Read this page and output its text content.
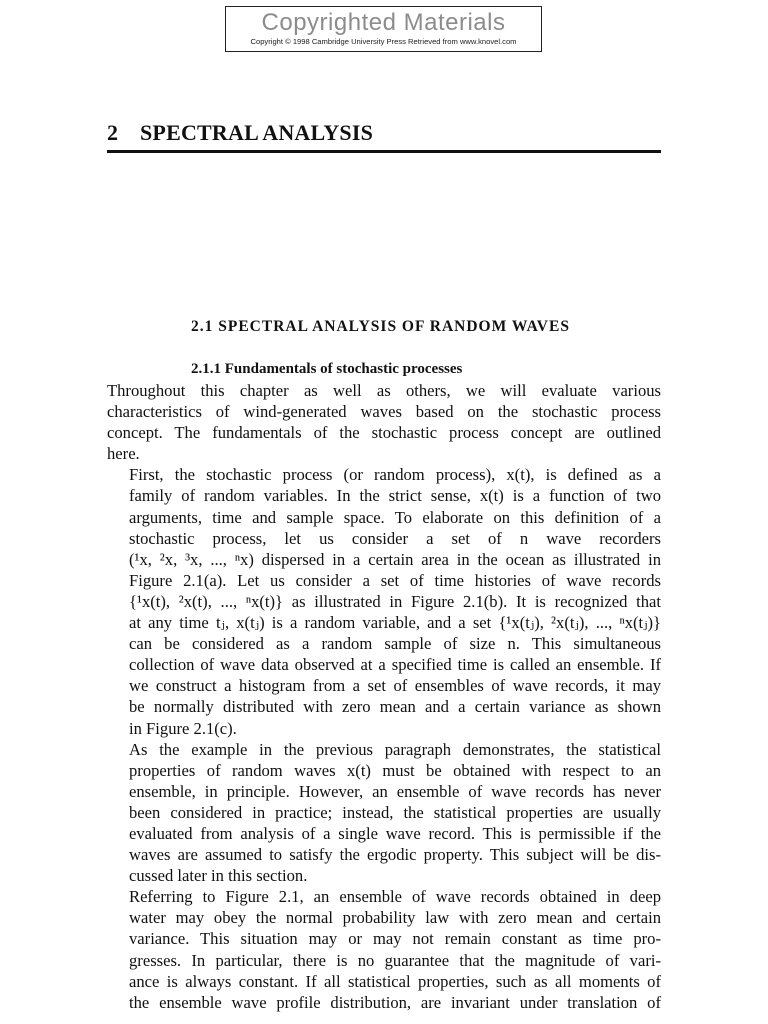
Copyrighted Materials
Copyright © 1998 Cambridge University Press Retrieved from www.knovel.com
2 SPECTRAL ANALYSIS
2.1 SPECTRAL ANALYSIS OF RANDOM WAVES
2.1.1 Fundamentals of stochastic processes

Throughout this chapter as well as others, we will evaluate various
characteristics of wind-generated waves based on the stochastic process
concept. The fundamentals of the stochastic process concept are outlined
here.

First, the stochastic process (or random process), x(t), is defined as a
family of random variables. In the strict sense, x(t) is a function of two
arguments, time and sample space. To elaborate on this definition of a
stochastic process, let us consider a set of n wave recorders
(¹x, ²x, ³x, ..., ⁿx) dispersed in a certain area in the ocean as illustrated in
Figure 2.1(a). Let us consider a set of time histories of wave records
{¹x(t), ²x(t), ..., ⁿx(t)} as illustrated in Figure 2.1(b). It is recognized that
at any time tⱼ, x(tⱼ) is a random variable, and a set {¹x(tⱼ), ²x(tⱼ), ..., ⁿx(tⱼ)}
can be considered as a random sample of size n. This simultaneous
collection of wave data observed at a specified time is called an ensemble. If
we construct a histogram from a set of ensembles of wave records, it may
be normally distributed with zero mean and a certain variance as shown
in Figure 2.1(c).

As the example in the previous paragraph demonstrates, the statistical
properties of random waves x(t) must be obtained with respect to an
ensemble, in principle. However, an ensemble of wave records has never
been considered in practice; instead, the statistical properties are usually
evaluated from analysis of a single wave record. This is permissible if the
waves are assumed to satisfy the ergodic property. This subject will be dis-
cussed later in this section.

Referring to Figure 2.1, an ensemble of wave records obtained in deep
water may obey the normal probability law with zero mean and certain
variance. This situation may or may not remain constant as time pro-
gresses. In particular, there is no guarantee that the magnitude of vari-
ance is always constant. If all statistical properties, such as all moments of
the ensemble wave profile distribution, are invariant under translation of
